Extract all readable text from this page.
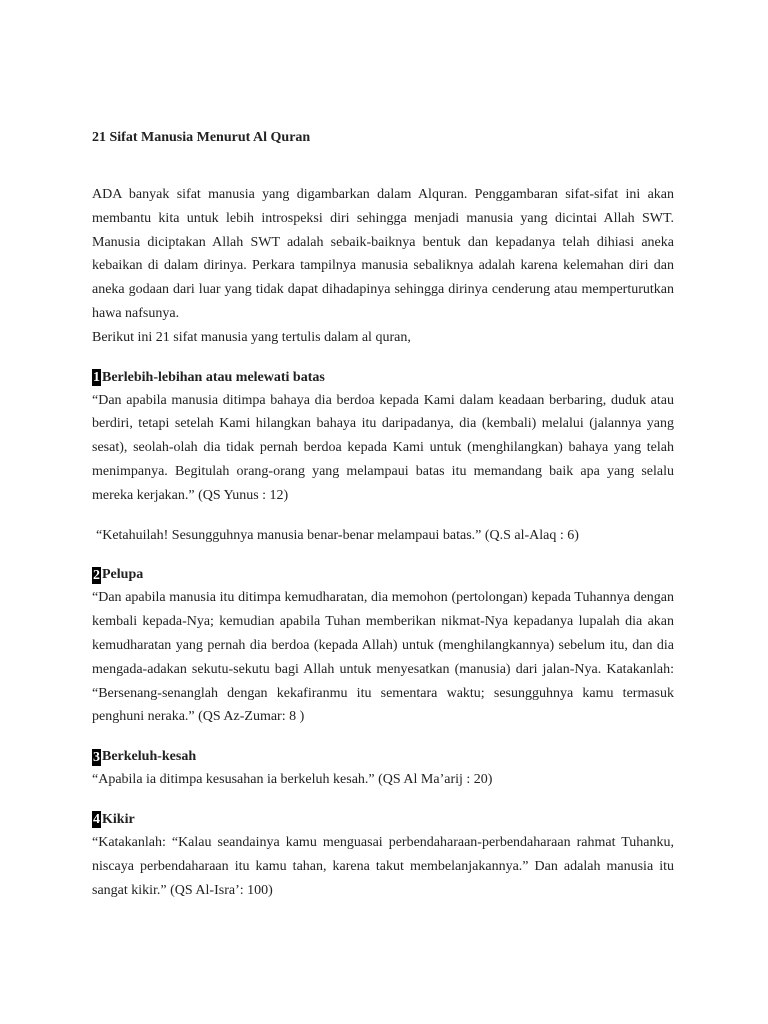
21 Sifat Manusia Menurut Al Quran

ADA banyak sifat manusia yang digambarkan dalam Alquran. Penggambaran sifat-sifat ini akan membantu kita untuk lebih introspeksi diri sehingga menjadi manusia yang dicintai Allah SWT. Manusia diciptakan Allah SWT adalah sebaik-baiknya bentuk dan kepadanya telah dihiasi aneka kebaikan di dalam dirinya. Perkara tampilnya manusia sebaliknya adalah karena kelemahan diri dan aneka godaan dari luar yang tidak dapat dihadapinya sehingga dirinya cenderung atau memperturutkan hawa nafsunya.

Berikut ini 21 sifat manusia yang tertulis dalam al quran,

1 Berlebih-lebihan atau melewati batas

“Dan apabila manusia ditimpa bahaya dia berdoa kepada Kami dalam keadaan berbaring, duduk atau berdiri, tetapi setelah Kami hilangkan bahaya itu daripadanya, dia (kembali) melalui (jalannya yang sesat), seolah-olah dia tidak pernah berdoa kepada Kami untuk (menghilangkan) bahaya yang telah menimpanya. Begitulah orang-orang yang melampaui batas itu memandang baik apa yang selalu mereka kerjakan.” (QS Yunus : 12)

“Ketahuilah! Sesungguhnya manusia benar-benar melampaui batas.” (Q.S al-Alaq : 6)

2 Pelupa

“Dan apabila manusia itu ditimpa kemudharatan, dia memohon (pertolongan) kepada Tuhannya dengan kembali kepada-Nya; kemudian apabila Tuhan memberikan nikmat-Nya kepadanya lupalah dia akan kemudharatan yang pernah dia berdoa (kepada Allah) untuk (menghilangkannya) sebelum itu, dan dia mengada-adakan sekutu-sekutu bagi Allah untuk menyesatkan (manusia) dari jalan-Nya. Katakanlah: “Bersenang-senanglah dengan kekafiranmu itu sementara waktu; sesungguhnya kamu termasuk penghuni neraka.” (QS Az-Zumar: 8 )

3 Berkeluh-kesah

“Apabila ia ditimpa kesusahan ia berkeluh kesah.” (QS Al Ma’arij : 20)

4 Kikir

“Katakanlah: “Kalau seandainya kamu menguasai perbendaharaan-perbendaharaan rahmat Tuhanku, niscaya perbendaharaan itu kamu tahan, karena takut membelanjakannya.” Dan adalah manusia itu sangat kikir.” (QS Al-Isra’: 100)
